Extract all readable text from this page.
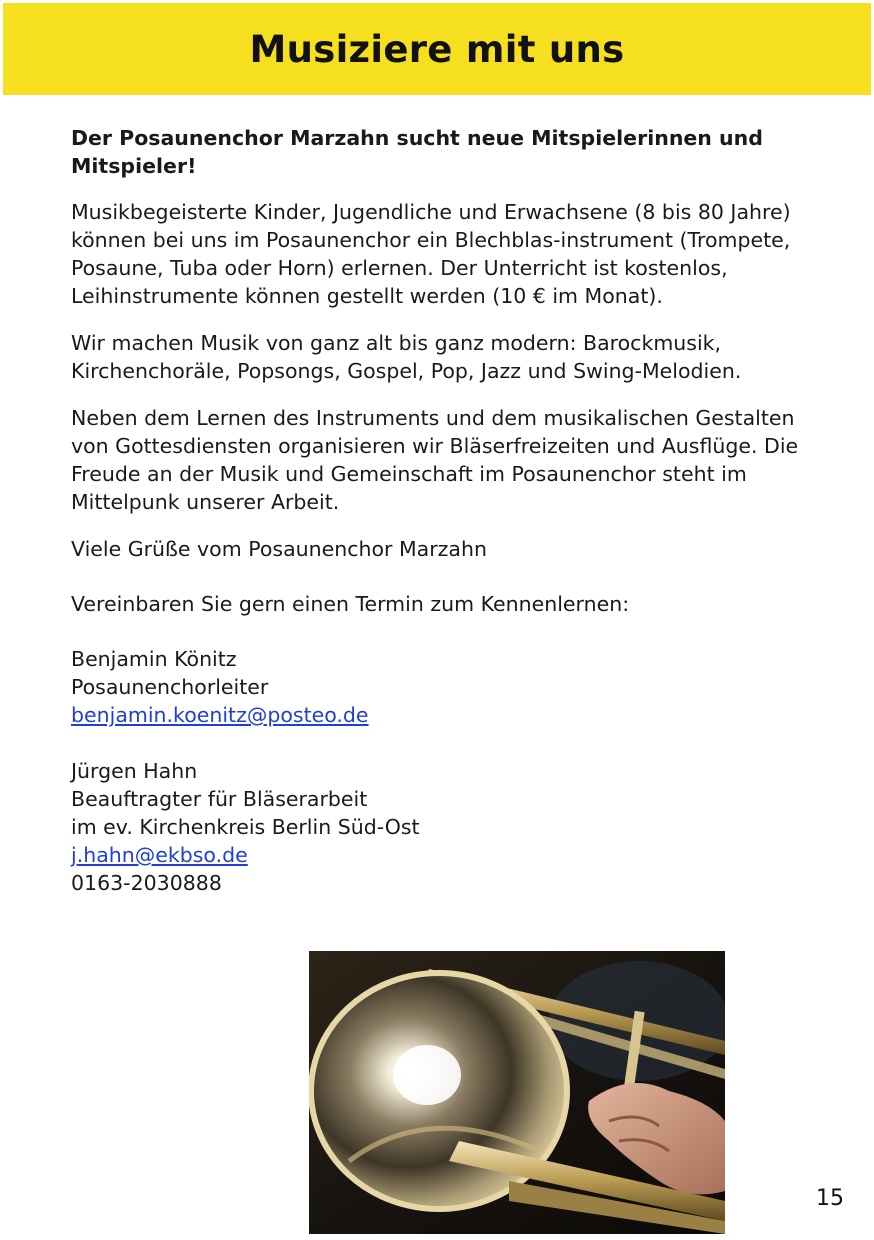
Musiziere mit uns

Der Posaunenchor Marzahn sucht neue Mitspielerinnen und Mitspieler!

Musikbegeisterte Kinder, Jugendliche und Erwachsene (8 bis 80 Jahre) können bei uns im Posaunenchor ein Blechblas-instrument (Trompete, Posaune, Tuba oder Horn) erlernen. Der Unterricht ist kostenlos, Leihinstrumente können gestellt werden (10 € im Monat).

Wir machen Musik von ganz alt bis ganz modern: Barockmusik, Kirchenchoräle, Popsongs, Gospel, Pop, Jazz und Swing-Melodien.

Neben dem Lernen des Instruments und dem musikalischen Gestalten von Gottesdiensten organisieren wir Bläserfreizeiten und Ausflüge. Die Freude an der Musik und Gemeinschaft im Posaunenchor steht im Mittelpunk unserer Arbeit.

Viele Grüße vom Posaunenchor Marzahn

Vereinbaren Sie gern einen Termin zum Kennenlernen:

Benjamin Könitz
Posaunenchorleiter
benjamin.koenitz@posteo.de
Jürgen Hahn
Beauftragter für Bläserarbeit
im ev. Kirchenkreis Berlin Süd-Ost
j.hahn@ekbso.de
0163-2030888
15
